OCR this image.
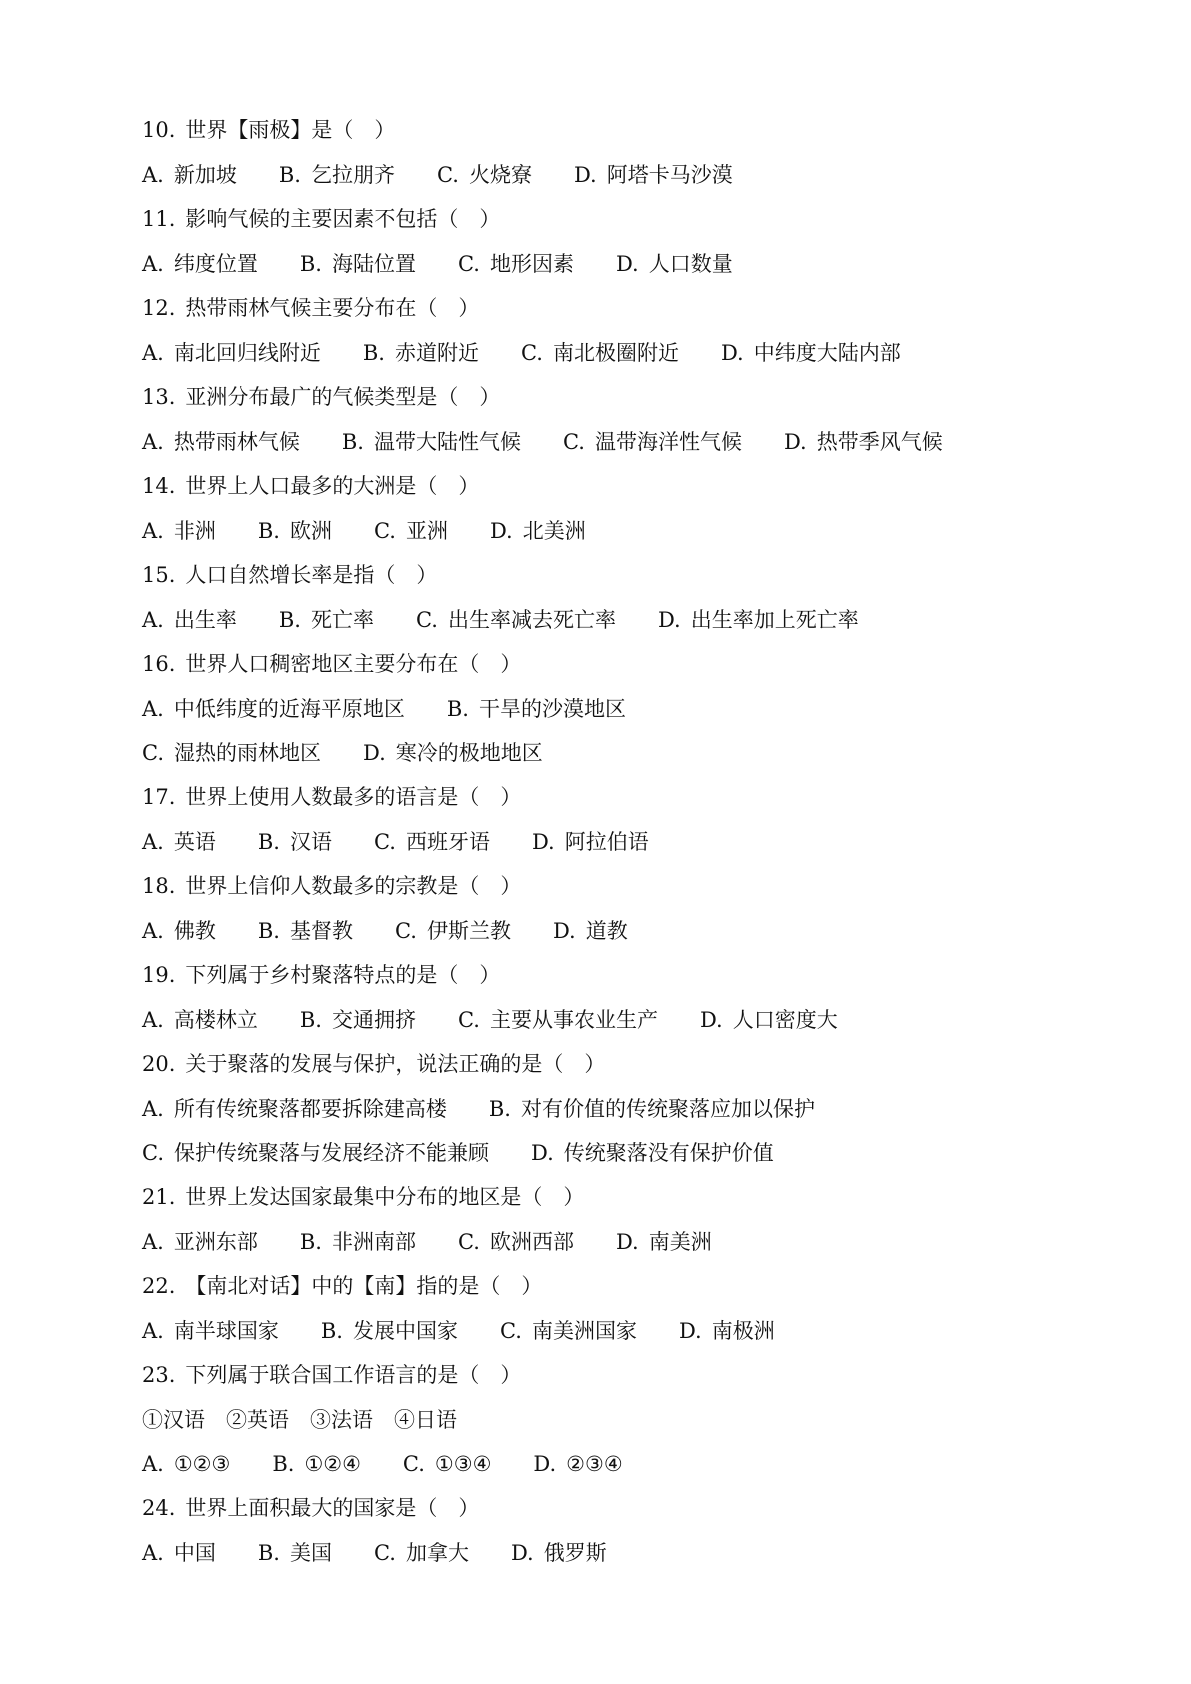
10. 世界【雨极】是（　）
A. 新加坡 B. 乞拉朋齐 C. 火烧寮 D. 阿塔卡马沙漠
11. 影响气候的主要因素不包括（　）
A. 纬度位置 B. 海陆位置 C. 地形因素 D. 人口数量
12. 热带雨林气候主要分布在（　）
A. 南北回归线附近 B. 赤道附近 C. 南北极圈附近 D. 中纬度大陆内部
13. 亚洲分布最广的气候类型是（　）
A. 热带雨林气候 B. 温带大陆性气候 C. 温带海洋性气候 D. 热带季风气候
14. 世界上人口最多的大洲是（　）
A. 非洲 B. 欧洲 C. 亚洲 D. 北美洲
15. 人口自然增长率是指（　）
A. 出生率 B. 死亡率 C. 出生率减去死亡率 D. 出生率加上死亡率
16. 世界人口稠密地区主要分布在（　）
A. 中低纬度的近海平原地区 B. 干旱的沙漠地区
C. 湿热的雨林地区 D. 寒冷的极地地区
17. 世界上使用人数最多的语言是（　）
A. 英语 B. 汉语 C. 西班牙语 D. 阿拉伯语
18. 世界上信仰人数最多的宗教是（　）
A. 佛教 B. 基督教 C. 伊斯兰教 D. 道教
19. 下列属于乡村聚落特点的是（　）
A. 高楼林立 B. 交通拥挤 C. 主要从事农业生产 D. 人口密度大
20. 关于聚落的发展与保护，说法正确的是（　）
A. 所有传统聚落都要拆除建高楼 B. 对有价值的传统聚落应加以保护
C. 保护传统聚落与发展经济不能兼顾 D. 传统聚落没有保护价值
21. 世界上发达国家最集中分布的地区是（　）
A. 亚洲东部 B. 非洲南部 C. 欧洲西部 D. 南美洲
22. 【南北对话】中的【南】指的是（　）
A. 南半球国家 B. 发展中国家 C. 南美洲国家 D. 南极洲
23. 下列属于联合国工作语言的是（　）
①汉语　②英语　③法语　④日语
A. ①②③ B. ①②④ C. ①③④ D. ②③④
24. 世界上面积最大的国家是（　）
A. 中国 B. 美国 C. 加拿大 D. 俄罗斯
